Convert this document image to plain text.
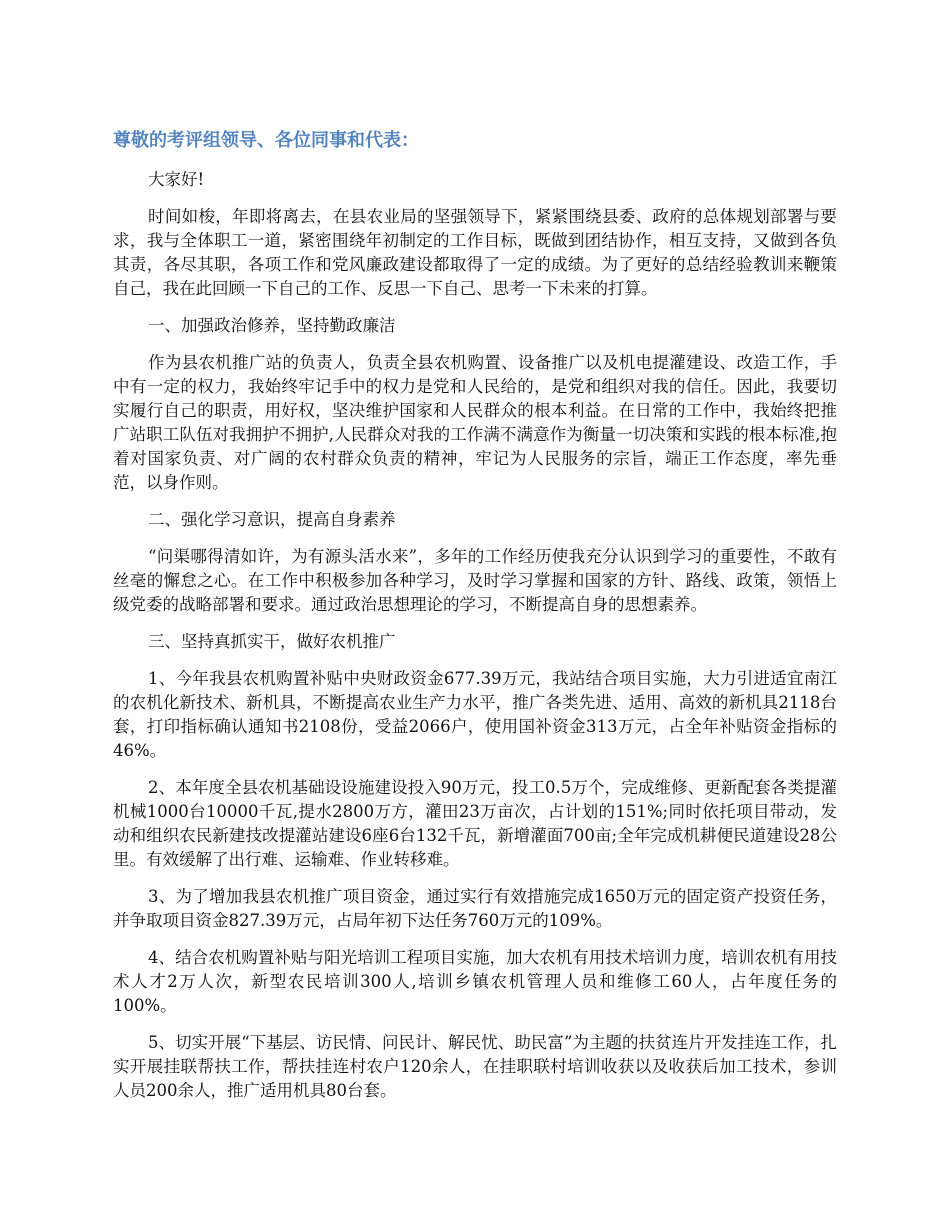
尊敬的考评组领导、各位同事和代表：

大家好!

时间如梭，年即将离去，在县农业局的坚强领导下，紧紧围绕县委、政府的总体规划部署与要求，我与全体职工一道，紧密围绕年初制定的工作目标，既做到团结协作，相互支持，又做到各负其责，各尽其职，各项工作和党风廉政建设都取得了一定的成绩。为了更好的总结经验教训来鞭策自己，我在此回顾一下自己的工作、反思一下自己、思考一下未来的打算。

一、加强政治修养，坚持勤政廉洁

作为县农机推广站的负责人，负责全县农机购置、设备推广以及机电提灌建设、改造工作，手中有一定的权力，我始终牢记手中的权力是党和人民给的，是党和组织对我的信任。因此，我要切实履行自己的职责，用好权，坚决维护国家和人民群众的根本利益。在日常的工作中，我始终把推广站职工队伍对我拥护不拥护,人民群众对我的工作满不满意作为衡量一切决策和实践的根本标准,抱着对国家负责、对广阔的农村群众负责的精神，牢记为人民服务的宗旨，端正工作态度，率先垂范，以身作则。

二、强化学习意识，提高自身素养

“问渠哪得清如许，为有源头活水来”，多年的工作经历使我充分认识到学习的重要性，不敢有丝毫的懈怠之心。在工作中积极参加各种学习，及时学习掌握和国家的方针、路线、政策，领悟上级党委的战略部署和要求。通过政治思想理论的学习，不断提高自身的思想素养。

三、坚持真抓实干，做好农机推广

1、今年我县农机购置补贴中央财政资金677.39万元，我站结合项目实施，大力引进适宜南江的农机化新技术、新机具，不断提高农业生产力水平，推广各类先进、适用、高效的新机具2118台套，打印指标确认通知书2108份，受益2066户，使用国补资金313万元，占全年补贴资金指标的46%。

2、本年度全县农机基础设设施建设投入90万元，投工0.5万个，完成维修、更新配套各类提灌机械1000台10000千瓦,提水2800万方，灌田23万亩次，占计划的151%;同时依托项目带动，发动和组织农民新建技改提灌站建设6座6台132千瓦，新增灌面700亩;全年完成机耕便民道建设28公里。有效缓解了出行难、运输难、作业转移难。

3、为了增加我县农机推广项目资金，通过实行有效措施完成1650万元的固定资产投资任务，并争取项目资金827.39万元，占局年初下达任务760万元的109%。

4、结合农机购置补贴与阳光培训工程项目实施，加大农机有用技术培训力度，培训农机有用技术人才2万人次，新型农民培训300人,培训乡镇农机管理人员和维修工60人，占年度任务的100%。

5、切实开展“下基层、访民情、问民计、解民忧、助民富”为主题的扶贫连片开发挂连工作，扎实开展挂联帮扶工作，帮扶挂连村农户120余人，在挂职联村培训收获以及收获后加工技术，参训人员200余人，推广适用机具80台套。
